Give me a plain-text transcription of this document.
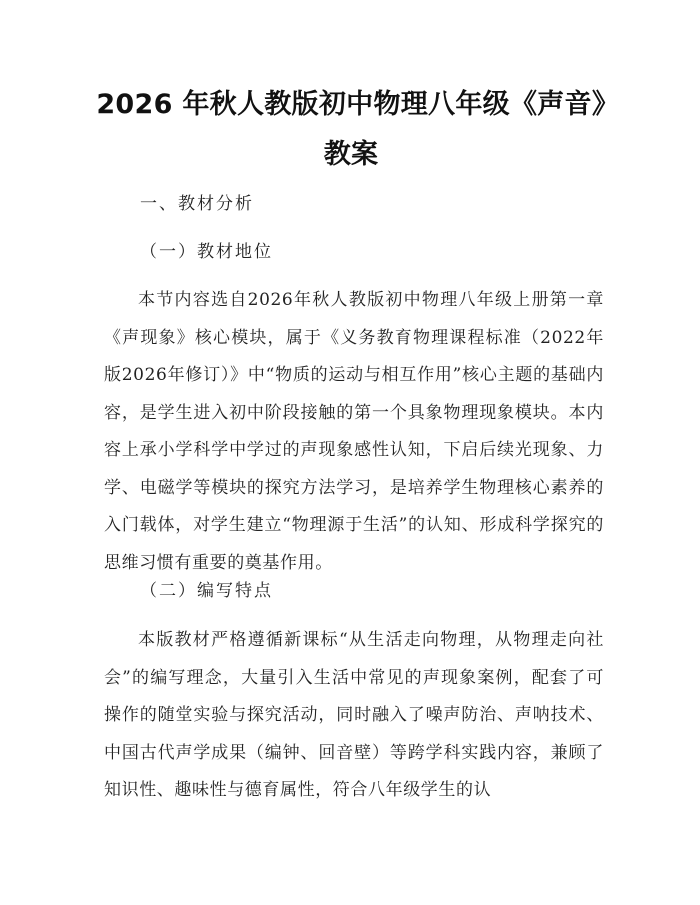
2026 年秋人教版初中物理八年级《声音》教案
一、教材分析
（一）教材地位
本节内容选自2026年秋人教版初中物理八年级上册第一章《声现象》核心模块，属于《义务教育物理课程标准（2022年版2026年修订）》中“物质的运动与相互作用”核心主题的基础内容，是学生进入初中阶段接触的第一个具象物理现象模块。本内容上承小学科学中学过的声现象感性认知，下启后续光现象、力学、电磁学等模块的探究方法学习，是培养学生物理核心素养的入门载体，对学生建立“物理源于生活”的认知、形成科学探究的思维习惯有重要的奠基作用。
（二）编写特点
本版教材严格遵循新课标“从生活走向物理，从物理走向社会”的编写理念，大量引入生活中常见的声现象案例，配套了可操作的随堂实验与探究活动，同时融入了噪声防治、声呐技术、中国古代声学成果（编钟、回音壁）等跨学科实践内容，兼顾了知识性、趣味性与德育属性，符合八年级学生的认
